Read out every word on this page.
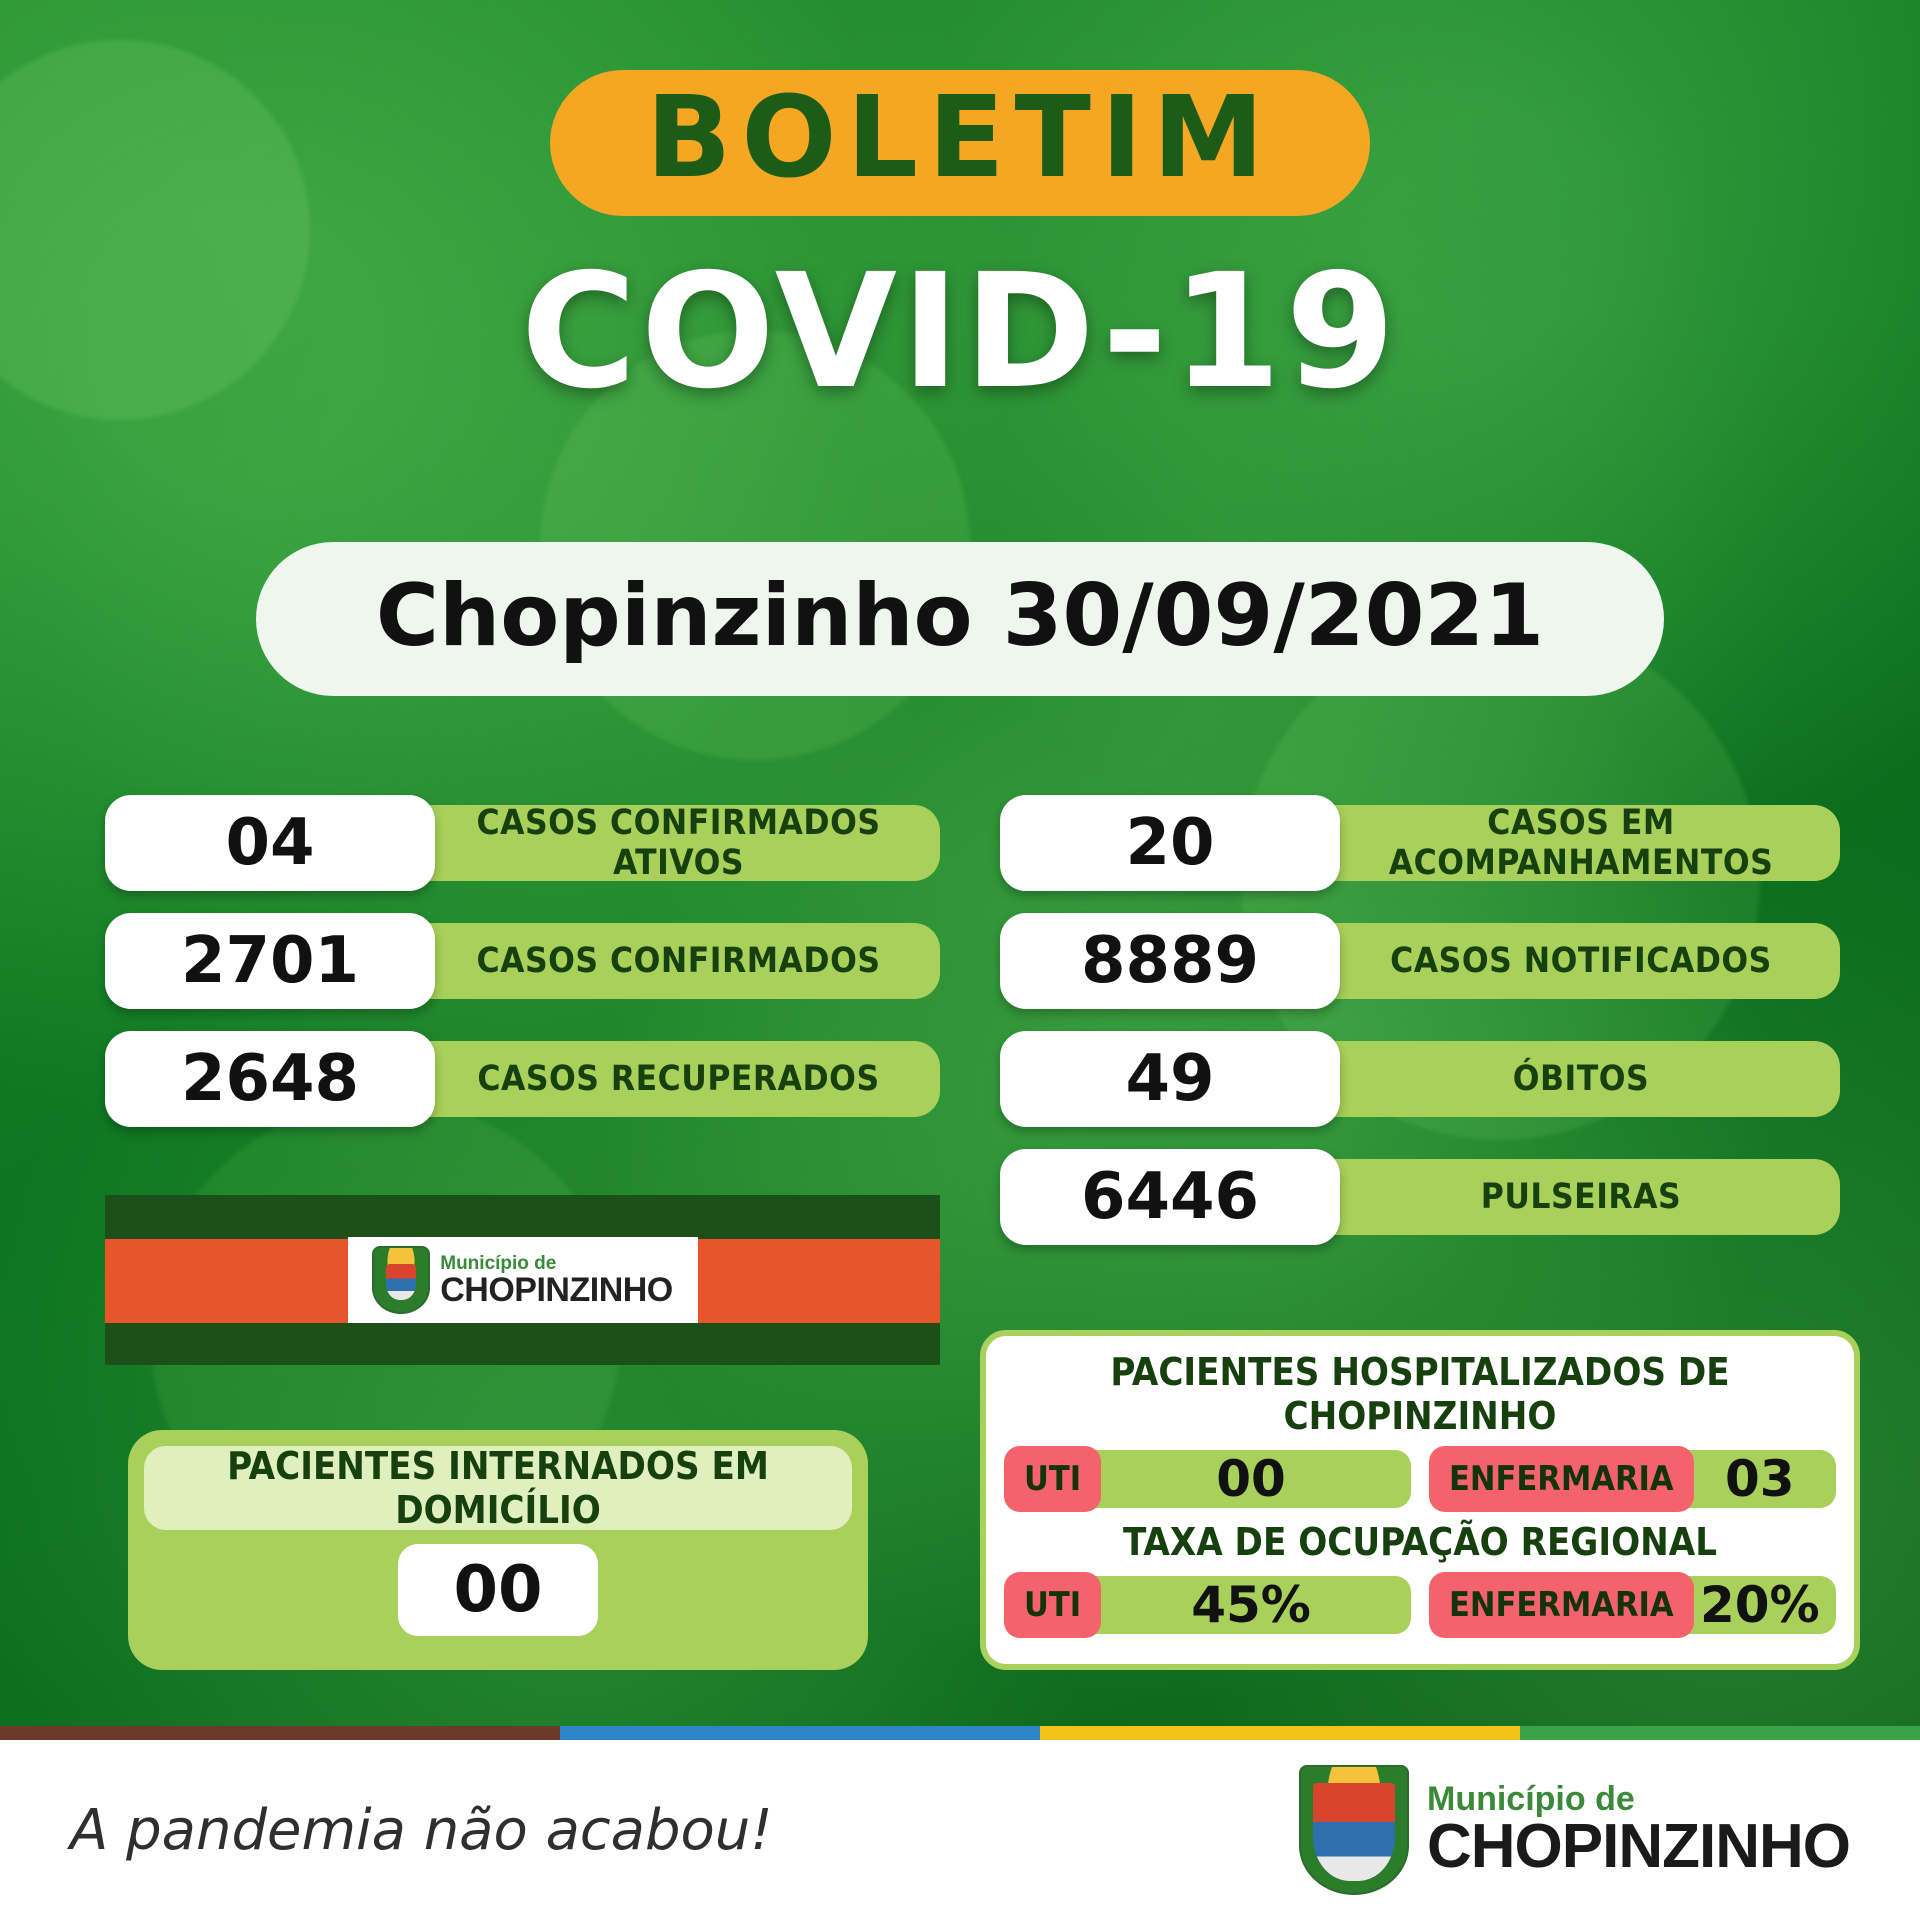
BOLETIM
COVID-19
Chopinzinho 30/09/2021
04	CASOS CONFIRMADOS ATIVOS
2701	CASOS CONFIRMADOS
2648	CASOS RECUPERADOS
20	CASOS EM ACOMPANHAMENTOS
8889	CASOS NOTIFICADOS
49	ÓBITOS
6446	PULSEIRAS
Município de
CHOPINZINHO
PACIENTES INTERNADOS EM DOMICÍLIO
00
PACIENTES HOSPITALIZADOS DE CHOPINZINHO
UTI	00	ENFERMARIA	03
TAXA DE OCUPAÇÃO REGIONAL
UTI	45%	ENFERMARIA 20%
A pandemia não acabou!	Município de
CHOPINZINHO
